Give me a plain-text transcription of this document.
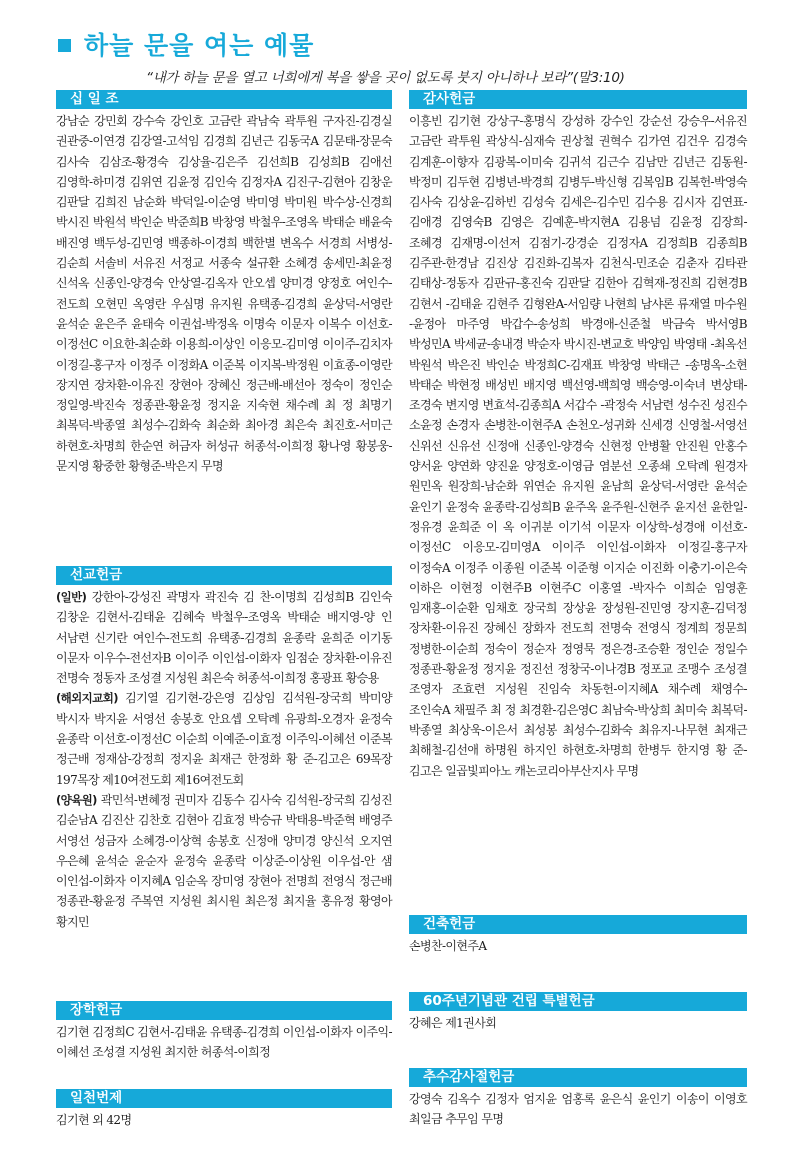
하늘 문을 여는 예물
“내가 하늘 문을 열고 너희에게 복을 쌓을 곳이 없도록 붓지 아니하나 보라”(말3:10)
십 일 조
강남순 강민회 강수숙 강인호 고금란 곽남숙 곽투원 구자진-김경실 권관중-이연경 김강열-고석임 김경희 김년근 김동국A 김문태-장문숙 김사숙 김삼조-황경숙 김상율-김은주 김선희B 김성희B 김애선 김영학-하미경 김위연 김윤정 김인숙 김정자A 김진구-김현아 김창운 김판달 김희진 남순화 박덕일-이순영 박미영 박미원 박수상-신경희 박시진 박원석 박인순 박준희B 박창영 박철우-조영옥 박태순 배윤숙 배진영 백두성-김민영 백종하-이경희 백한별 변옥수 서경희 서병성-김순희 서솔비 서유진 서정교 서종숙 설규환 소혜경 송세민-최윤정 신석옥 신종인-양경숙 안상열-김옥자 안오셉 양미경 양정호 여인수-전도희 오현민 옥영란 우심명 유지원 유택종-김경희 윤상덕-서영란 윤석순 윤은주 윤태숙 이권섭-박정옥 이명숙 이문자 이복수 이선호-이정선C 이요한-최순화 이용희-이상인 이응모-김미영 이이주-김치자 이정길-홍구자 이정주 이정화A 이준복 이지복-박정원 이효종-이영란 장지연 장차환-이유진 장현아 장혜신 정근배-배선아 정숙이 정인순 정일영-박진숙 정종관-황윤정 정지윤 지숙현 채수례 최 정 최명기 최복덕-박종열 최성수-김화숙 최순화 최아경 최은숙 최진호-서미근 하현호-차명희 한순연 허금자 허성규 허종석-이희정 황나영 황봉웅-문지영 황중한 황형준-박은지 무명
선교헌금
(일반) 강한아-강성진 곽명자 곽진숙 김 찬-이명희 김성희B 김인숙 김창운 김현서-김태윤 김혜숙 박철우-조영옥 박태순 배지영-양 인 서남련 신기란 여인수-전도희 유택종-김경희 윤종락 윤희준 이기동 이문자 이우수-전선자B 이이주 이인섭-이화자 임점순 장차환-이유진 전명숙 정동자 조성결 지성원 최은숙 허종석-이희정 홍광표 황승용
(해외지교회) 김기열 김기현-강은영 김상임 김석원-장국희 박미양 박시자 박지윤 서영선 송봉호 안요셉 오탁례 유광희-오경자 윤정숙 윤종락 이선호-이정선C 이순희 이예준-이효정 이주익-이혜선 이준복 정근배 정재삼-강정희 정지윤 최재근 한정화 황 준-김고은 69목장 197목장 제10여전도회 제16여전도회
(양육원) 곽민석-변혜정 권미자 김동수 김사숙 김석원-장국희 김성진 김순남A 김진산 김찬호 김현아 김효정 박승규 박태용-박준혁 배영주 서영선 성금자 소혜경-이상혁 송봉호 신정애 양미경 양신석 오지연 우은혜 윤석순 윤순자 윤정숙 윤종락 이상준-이상원 이우섭-안 샘 이인섭-이화자 이지혜A 임순옥 장미영 장현아 전명희 전영식 정근배 정종관-황윤정 주복연 지성원 최시원 최은정 최지율 홍유정 황영아 황지민
장학헌금
김기현 김정희C 김현서-김태윤 유택종-김경희 이인섭-이화자 이주익-이혜선 조성결 지성원 최지한 허종석-이희정
일천번제
김기현 외 42명
감사헌금
이흥빈 김기현 강상구-홍명식 강성하 강수인 강순선 강승우-서유진 고금란 곽투원 곽상식-심재숙 권상철 권혁수 김가연 김건우 김경숙 김계훈-이향자 김광복-이미숙 김귀석 김근수 김남만 김년근 김동원-박정미 김두현 김병년-박경희 김병두-박신형 김복임B 김복헌-박영숙 김사숙 김상윤-김하빈 김성숙 김세은-김수민 김수용 김시자 김연표-김애경 김영숙B 김영은 김예훈-박지현A 김용넘 김윤정 김장희-조혜경 김재명-이선저 김점기-강경순 김정자A 김정희B 김종희B 김주관-한경남 김진상 김진화-김복자 김천식-민조순 김춘자 김타관 김태상-정동자 김판규-홍진숙 김판달 김한아 김혁재-정진희 김현경B 김현서 -김태윤 김현주 김형완A-서임량 나현희 남샤론 류재열 마수원 -윤정아 마주영 박갑수-송성희 박경애-신준철 박금숙 박서영B 박성민A 박세균-송내경 박순자 박시진-변교호 박양임 박영태 -최옥선 박원석 박은진 박인순 박정희C-김재표 박창영 박태근 -송명옥-소현 박태순 박현정 배성빈 배지영 백선영-백희영 백승영-이숙녀 변상태-조경숙 변지영 변효석-김종희A 서갑수 -곽정숙 서남련 성수진 성진수 소윤정 손경자 손병찬-이현주A 손천오-성귀화 신세경 신영철-서영선 신위선 신유선 신정애 신종인-양경숙 신현정 안병활 안진원 안홍수 양서윤 양연화 양진윤 양정호-이영금 염분선 오종쇄 오탁례 원경자 원민옥 원장희-남순화 위연순 유지원 윤남희 윤상덕-서영란 윤석순 윤인기 윤정숙 윤종락-김성희B 윤주옥 윤주원-신현주 윤지선 윤한일-정유경 윤희준 이 옥 이귀분 이기석 이문자 이상학-성경애 이선호-이정선C 이응모-김미영A 이이주 이인섭-이화자 이정길-홍구자 이정숙A 이정주 이종원 이준복 이준형 이지순 이진화 이충기-이은숙 이하은 이현정 이현주B 이현주C 이홍열 -박자수 이희순 임영훈 임재홍-이순환 임채호 장국희 장상윤 장성원-진민영 장지훈-김덕정 장차환-이유진 장혜신 장화자 전도희 전명숙 전영식 정계희 정문희 정병한-이순희 정숙이 정순자 정영묵 정은경-조승환 정인순 정일수 정종관-황윤정 정지윤 정진선 정창국-이나경B 정포교 조맹수 조성결 조영자 조효련 지성원 진임숙 차동헌-이지혜A 채수례 채영수-조인숙A 채필주 최 정 최경환-김은영C 최남숙-박상희 최미숙 최복덕-박종열 최상욱-이은서 최성봉 최성수-김화숙 최유지-나무현 최재근 최해철-김선애 하명원 하지인 하현호-차명희 한병두 한지영 황 준-김고은 일곱빛피아노 캐논코리아부산지사 무명
건축헌금
손병찬-이현주A
60주년기념관 건립 특별헌금
강혜은 제1권사회
추수감사절헌금
강영숙 김옥수 김정자 엄지윤 엄홍록 윤은식 윤인기 이송이 이영호 최일금 추무임 무명
